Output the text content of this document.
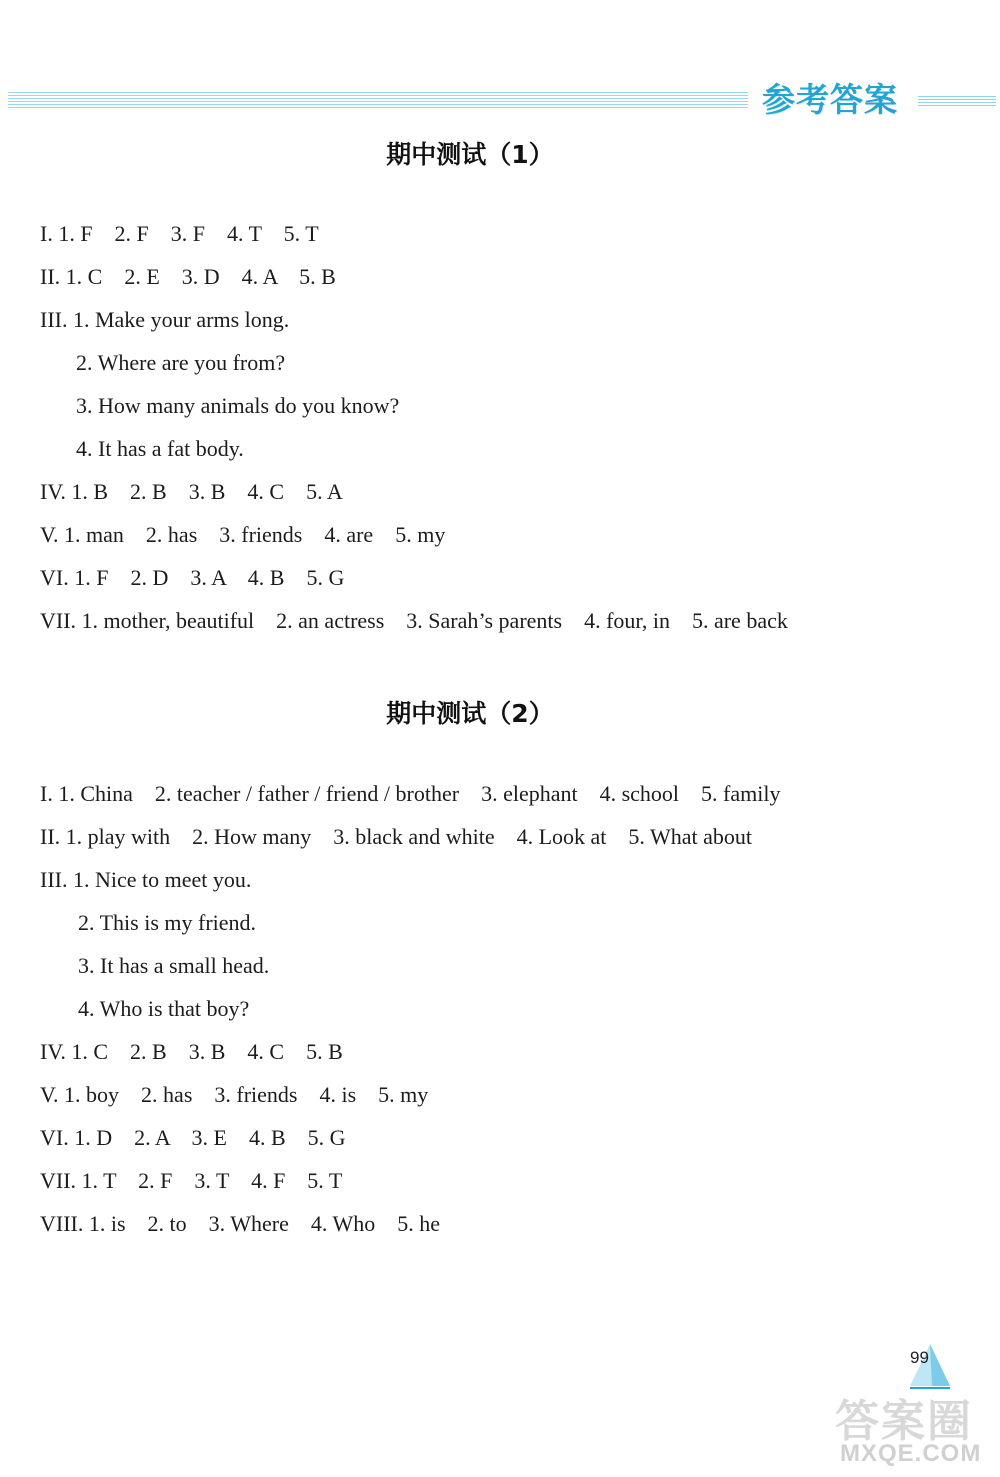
参考答案
期中测试（1）
I. 1. F    2. F    3. F    4. T    5. T
II. 1. C    2. E    3. D    4. A    5. B
III. 1. Make your arms long.
2. Where are you from?
3. How many animals do you know?
4. It has a fat body.
IV. 1. B    2. B    3. B    4. C    5. A
V. 1. man    2. has    3. friends    4. are    5. my
VI. 1. F    2. D    3. A    4. B    5. G
VII. 1. mother, beautiful    2. an actress    3. Sarah’s parents    4. four, in    5. are back
期中测试（2）
I. 1. China    2. teacher / father / friend / brother    3. elephant    4. school    5. family
II. 1. play with    2. How many    3. black and white    4. Look at    5. What about
III. 1. Nice to meet you.
2. This is my friend.
3. It has a small head.
4. Who is that boy?
IV. 1. C    2. B    3. B    4. C    5. B
V. 1. boy    2. has    3. friends    4. is    5. my
VI. 1. D    2. A    3. E    4. B    5. G
VII. 1. T    2. F    3. T    4. F    5. T
VIII. 1. is    2. to    3. Where    4. Who    5. he
99
答案圈
MXQE.COM
